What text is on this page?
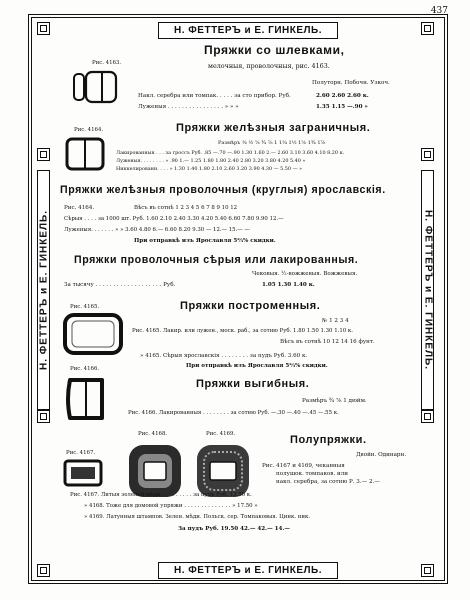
437
Н. ФЕТТЕРЪ и Е. ГИНКЕЛЬ.
Н. ФЕТТЕРЪ и Е. ГИНКЕЛЬ.
Н. ФЕТТЕРЪ и Е. ГИНКЕЛЬ.	Н. ФЕТТЕРЪ и Е. ГИНКЕЛЬ.
Рис. 4163.
Пряжки со шлевками,
мелочныя, проволочныя, рис. 4163.
Полуторн. Побочн. Узкоч.
Накл. серебра или томпак. . . . . за сто прибор. Руб.	2.60 2.60 2.60 к.
Луженыя . . . . . . . . . . . . . . . . » » »	1.35 1.15 —.90 »
Пряжки желѣзныя заграничныя.
Рис. 4164.
Размѣръ ⅜ ½ ⅝ ¾ ⅞ 1 1¼ 1½ 1⅝ 1¾ 1⅞
Лакированныя . . . за гроссъ Руб. .85 —.70 —.90 1.30 1.60 2.— 2.60 3.10 3.60 4.10 8.20 к.
Луженыя. . . . . . . . » .90 1.— 1.25 1.80 1.80 2.40 2.80 3.20 3.80 4.20 5.40 »
Никкелированн. . . . » 1.30 1.40 1.80 2.10 2.60 3.20 3.90 4.30 — 5.50 — »
Пряжки желѣзныя проволочныя (круглыя) ярославскія.
Рис. 4164.	Вѣсъ въ сотнѣ 1 2 3 4 5 6 7 8 9 10 12
Сѣрыя . . . . за 1000 шт. Руб. 1.60 2.10 2.40 3.30 4.20 5.40 6.60 7.80 9.90 12.—
Луженыя. . . . . . . » » 3.60 4.80 6.— 6.60 8.20 9.30 — 12.— 15.— —
При отправкѣ изъ Ярославля 5⅔% скидки.
Пряжки проволочныя сѣрыя или лакированныя.
Чековыя. ½-вожжевыя. Вожжевыя.
За тысячу . . . . . . . . . . . . . . . . . . . Руб.	1.05 1.30 1.40 к.
Пряжки построменныя.
Рис. 4165.
№ 1 2 3 4
Рис. 4165. Лакир. или лужен., моск. раб., за сотню Руб. 1.80 1.50 1.30 1.10 к.
Вѣсъ въ сотнѣ 10 12 14 16 фунт.
Рис. 4166.
» 4165. Сѣрыя ярославскія . . . . . . . . за пудъ Руб. 3.60 к.
При отправкѣ изъ Ярославля 5⅔% скидки.
Пряжки выгибныя.
Размѣръ ¾ ⅞ 1 дюйм.
Рис. 4166. Лакированныя . . . . . . . . за сотню Руб. —.30 —.40 —.45 —.55 к.
Полупряжки.
Рис. 4168.	Рис. 4169.
Рис. 4167.	Двойн. Одинарн.
Рис. 4167 и 4169, чеканныя
полушок. томпаков. или
накл. серебра, за сотню Р. 3.— 2.—
Рис. 4167. Литыя зеленой мѣди . . . . . . . . . за пудъ Руб. 13.50 к.
» 4168. Тоже для домовой упряжи . . . . . . . . . . . . . . » 17.50 »
» 4169. Латунныя штампов. Зелен. мѣди. Польск. сер. Томпаковыя. Цинк. ник.
За пудъ Руб. 19.50 42.— 42.— 14.—
